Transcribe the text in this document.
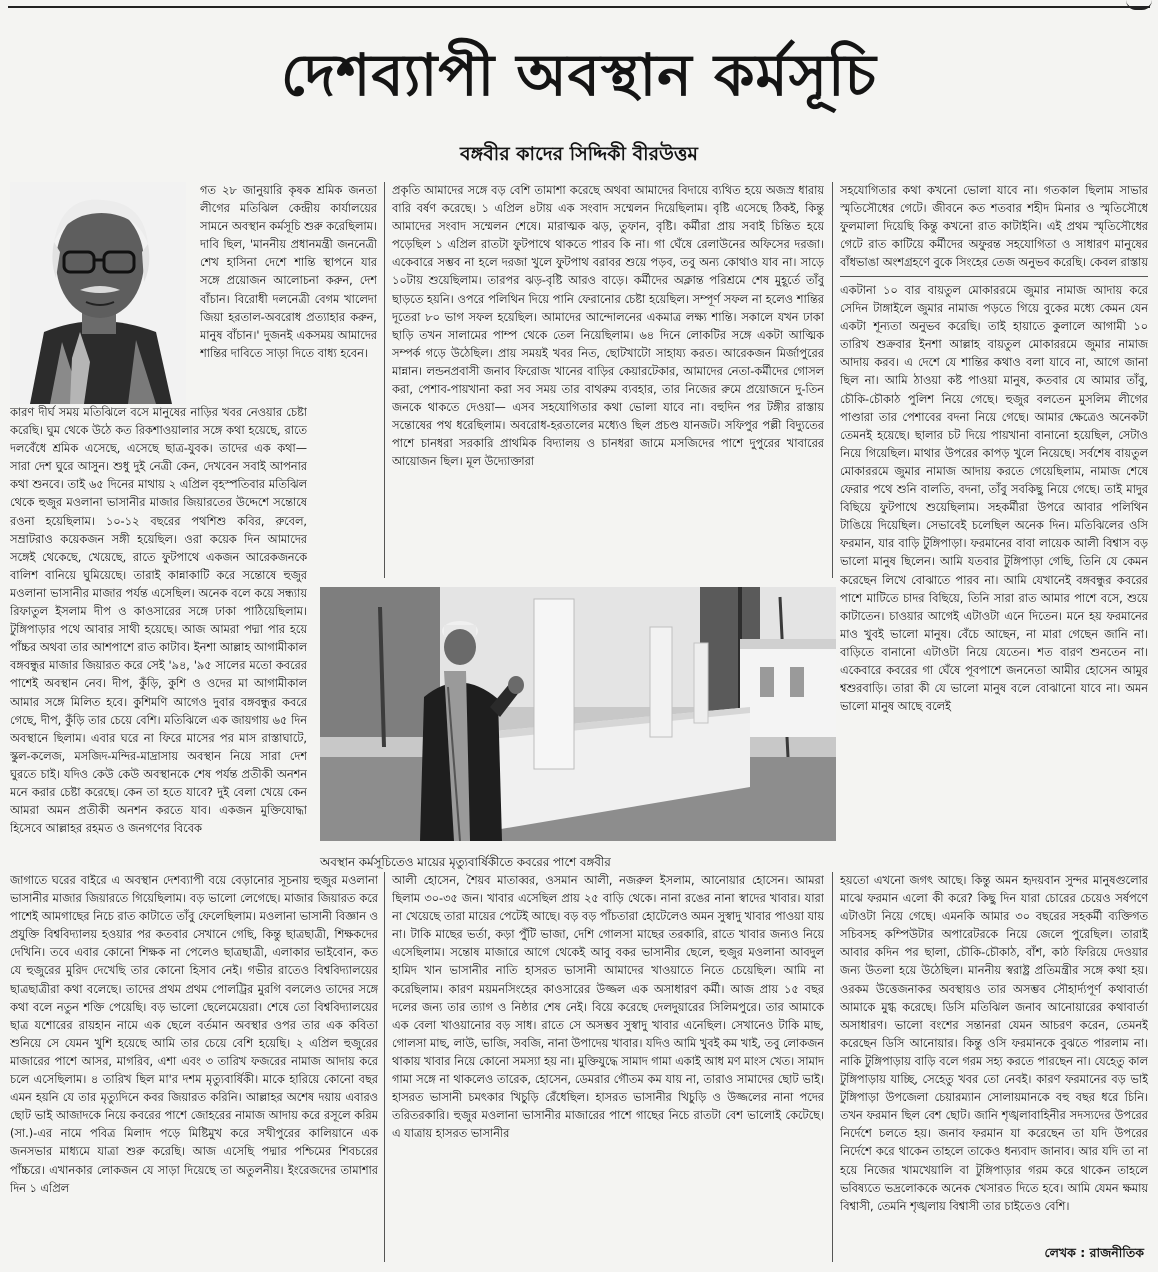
দেশব্যাপী অবস্থান কর্মসূচি
বঙ্গবীর কাদের সিদ্দিকী বীরউত্তম

গত ২৮ জানুয়ারি কৃষক শ্রমিক জনতা লীগের মতিঝিল কেন্দ্রীয় কার্যালয়ের সামনে অবস্থান কর্মসূচি শুরু করেছিলাম। দাবি ছিল, 'মাননীয় প্রধানমন্ত্রী জননেত্রী শেখ হাসিনা দেশে শান্তি স্থাপনে যার সঙ্গে প্রয়োজন আলোচনা করুন, দেশ বাঁচান। বিরোধী দলনেত্রী বেগম খালেদা জিয়া হরতাল-অবরোধ প্রত্যাহার করুন, মানুষ বাঁচান।' দুজনই একসময় আমাদের শান্তির দাবিতে সাড়া দিতে বাধ্য হবেন।

কারণ দীর্ঘ সময় মতিঝিলে বসে মানুষের নাড়ির খবর নেওয়ার চেষ্টা করেছি। ঘুম থেকে উঠে কত রিকশাওয়ালার সঙ্গে কথা হয়েছে, রাতে দলবেঁধে শ্রমিক এসেছে, এসেছে ছাত্র-যুবক। তাদের এক কথা— সারা দেশ ঘুরে আসুন। শুধু দুই নেত্রী কেন, দেখবেন সবাই আপনার কথা শুনবে। তাই ৬৫ দিনের মাথায় ২ এপ্রিল বৃহস্পতিবার মতিঝিল থেকে হুজুর মওলানা ভাসানীর মাজার জিয়ারতের উদ্দেশে সন্তোষে রওনা হয়েছিলাম। ১০-১২ বছরের পথশিশু কবির, রুবেল, সম্রাটরাও কয়েকজন সঙ্গী হয়েছিল। ওরা কয়েক দিন আমাদের সঙ্গেই থেকেছে, খেয়েছে, রাতে ফুটপাথে একজন আরেকজনকে বালিশ বানিয়ে ঘুমিয়েছে। তারাই কান্নাকাটি করে সন্তোষে হুজুর মওলানা ভাসানীর মাজার পর্যন্ত এসেছিল। অনেক বলে কয়ে সন্ধ্যায় রিফাতুল ইসলাম দীপ ও কাওসারের সঙ্গে ঢাকা পাঠিয়েছিলাম। টুঙ্গিপাড়ার পথে আবার সাথী হয়েছে। আজ আমরা পদ্মা পার হয়ে পাঁচ্চর অথবা তার আশপাশে রাত কাটাব। ইনশা আল্লাহ আগামীকাল বঙ্গবন্ধুর মাজার জিয়ারত করে সেই '৯৪, '৯৫ সালের মতো কবরের পাশেই অবস্থান নেব। দীপ, কুঁড়ি, কুশি ও ওদের মা আগামীকাল আমার সঙ্গে মিলিত হবে। কুশিমণি আগেও দুবার বঙ্গবন্ধুর কবরে গেছে, দীপ, কুঁড়ি তার চেয়ে বেশি। মতিঝিলে এক জায়গায় ৬৫ দিন অবস্থানে ছিলাম। এবার ঘরে না ফিরে মাসের পর মাস রাস্তাঘাটে, স্কুল-কলেজ, মসজিদ-মন্দির-মাদ্রাসায় অবস্থান নিয়ে সারা দেশ ঘুরতে চাই। যদিও কেউ কেউ অবস্থানকে শেষ পর্যন্ত প্রতীকী অনশন মনে করার চেষ্টা করেছে। কেন তা হতে যাবে? দুই বেলা খেয়ে কেন আমরা অমন প্রতীকী অনশন করতে যাব। একজন মুক্তিযোদ্ধা হিসেবে আল্লাহর রহমত ও জনগণের বিবেক

প্রকৃতি আমাদের সঙ্গে বড় বেশি তামাশা করেছে অথবা আমাদের বিদায়ে ব্যথিত হয়ে অজস্র ধারায় বারি বর্ষণ করেছে। ১ এপ্রিল ৪টায় এক সংবাদ সম্মেলন দিয়েছিলাম। বৃষ্টি এসেছে ঠিকই, কিন্তু আমাদের সংবাদ সম্মেলন শেষে। মারাত্মক ঝড়, তুফান, বৃষ্টি। কর্মীরা প্রায় সবাই চিন্তিত হয়ে পড়েছিল ১ এপ্রিল রাতটা ফুটপাথে থাকতে পারব কি না। গা ঘেঁষে রেলাউনের অফিসের দরজা। একেবারে সম্ভব না হলে দরজা খুলে ফুটপাথ বরাবর শুয়ে পড়ব, তবু অন্য কোথাও যাব না। সাড়ে ১০টায় শুয়েছিলাম। তারপর ঝড়-বৃষ্টি আরও বাড়ে। কর্মীদের অক্লান্ত পরিশ্রমে শেষ মুহূর্তে তাঁবু ছাড়তে হয়নি। ওপরে পলিথিন দিয়ে পানি ফেরানোর চেষ্টা হয়েছিল। সম্পূর্ণ সফল না হলেও শান্তির দূতেরা ৮০ ভাগ সফল হয়েছিল। আমাদের আন্দোলনের একমাত্র লক্ষ্য শান্তি। সকালে যখন ঢাকা ছাড়ি তখন সালামের পাম্প থেকে তেল নিয়েছিলাম। ৬৪ দিনে লোকটির সঙ্গে একটা আত্মিক সম্পর্ক গড়ে উঠেছিল। প্রায় সময়ই খবর নিত, ছোটখাটো সাহায্য করত। আরেকজন মির্জাপুরের মান্নান। লন্ডনপ্রবাসী জনাব ফিরোজ খানের বাড়ির কেয়ারটেকার, আমাদের নেতা-কর্মীদের গোসল করা, পেশাব-পায়খানা করা সব সময় তার বাথরুম ব্যবহার, তার নিজের রুমে প্রয়োজনে দু-তিন জনকে থাকতে দেওয়া— এসব সহযোগিতার কথা ভোলা যাবে না। বহুদিন পর টঙ্গীর রাস্তায় সন্তোষের পথ ধরেছিলাম। অবরোধ-হরতালের মধ্যেও ছিল প্রচণ্ড যানজট। সফিপুর পল্লী বিদ্যুতের পাশে চানধরা সরকারি প্রাথমিক বিদ্যালয় ও চানধরা জামে মসজিদের পাশে দুপুরের খাবারের আয়োজন ছিল। মূল উদ্যোক্তারা

সহযোগিতার কথা কখনো ভোলা যাবে না। গতকাল ছিলাম সাভার স্মৃতিসৌধের গেটে। জীবনে কত শতবার শহীদ মিনার ও স্মৃতিসৌধে ফুলমালা দিয়েছি কিন্তু কখনো রাত কাটাইনি। এই প্রথম স্মৃতিসৌধের গেটে রাত কাটিয়ে কর্মীদের অফুরন্ত সহযোগিতা ও সাধারণ মানুষের বাঁধভাঙা অংশগ্রহণে বুকে সিংহের তেজ অনুভব করেছি। কেবল রাস্তায়

একটানা ১০ বার বায়তুল মোকাররমে জুমার নামাজ আদায় করে সেদিন টাঙ্গাইলে জুমার নামাজ পড়তে গিয়ে বুকের মধ্যে কেমন যেন একটা শূন্যতা অনুভব করেছি। তাই হায়াতে কুলালে আগামী ১০ তারিখ শুক্রবার ইনশা আল্লাহ বায়তুল মোকাররমে জুমার নামাজ আদায় করব। এ দেশে যে শান্তির কথাও বলা যাবে না, আগে জানা ছিল না। আমি ঠাওয়া কষ্ট পাওয়া মানুষ, কতবার যে আমার তাঁবু, চৌকি-চৌকাঠ পুলিশ নিয়ে গেছে। হুজুর বলতেন মুসলিম লীগের পাণ্ডারা তার পেশাবের বদনা নিয়ে গেছে। আমার ক্ষেত্রেও অনেকটা তেমনই হয়েছে। ছালার চট দিয়ে পায়খানা বানানো হয়েছিল, সেটাও নিয়ে গিয়েছিল। মাথার উপরের কাপড় খুলে নিয়েছে। সর্বশেষ বায়তুল মোকাররমে জুমার নামাজ আদায় করতে গেয়েছিলাম, নামাজ শেষে ফেরার পথে শুনি বালতি, বদনা, তাঁবু সবকিছু নিয়ে গেছে। তাই মাদুর বিছিয়ে ফুটপাথে শুয়েছিলাম। সহকর্মীরা উপরে আবার পলিথিন টাঙিয়ে দিয়েছিল। সেভাবেই চলেছিল অনেক দিন। মতিঝিলের ওসি ফরমান, যার বাড়ি টুঙ্গিপাড়া। ফরমানের বাবা লায়েক আলী বিশ্বাস বড় ভালো মানুষ ছিলেন। আমি যতবার টুঙ্গিপাড়া গেছি, তিনি যে কেমন করেছেন লিখে বোঝাতে পারব না। আমি যেখানেই বঙ্গবন্ধুর কবরের পাশে মাটিতে চাদর বিছিয়ে, তিনি সারা রাত আমার পাশে বসে, শুয়ে কাটাতেন। চাওয়ার আগেই এটাওটা এনে দিতেন। মনে হয় ফরমানের মাও খুবই ভালো মানুষ। বেঁচে আছেন, না মারা গেছেন জানি না। বাড়িতে বানানো এটাওটা নিয়ে যেতেন। শত বারণ শুনতেন না। একেবারে কবরের গা ঘেঁষে পূবপাশে জননেতা আমীর হোসেন আমুর শ্বশুরবাড়ি। তারা কী যে ভালো মানুষ বলে বোঝানো যাবে না। অমন ভালো মানুষ আছে বলেই

অবস্থান কর্মসূচিতেও মায়ের মৃত্যুবার্ষিকীতে কবরের পাশে বঙ্গবীর

জাগাতে ঘরের বাইরে এ অবস্থান দেশব্যাপী বয়ে বেড়ানোর সূচনায় হুজুর মওলানা ভাসানীর মাজার জিয়ারতে গিয়েছিলাম। বড় ভালো লেগেছে। মাজার জিয়ারত করে পাশেই আমগাছের নিচে রাত কাটাতে তাঁবু ফেলেছিলাম। মওলানা ভাসানী বিজ্ঞান ও প্রযুক্তি বিশ্ববিদ্যালয় হওয়ার পর কতবার সেখানে গেছি, কিন্তু ছাত্রছাত্রী, শিক্ষকদের দেখিনি। তবে এবার কোনো শিক্ষক না পেলেও ছাত্রছাত্রী, এলাকার ভাইবোন, কত যে হুজুরের মুরিদ দেখেছি তার কোনো হিসাব নেই। গভীর রাতেও বিশ্ববিদ্যালয়ের ছাত্রছাত্রীরা কথা বলেছে। তাদের প্রথম প্রথম পোলট্রির মুরগি বললেও তাদের সঙ্গে কথা বলে নতুন শক্তি পেয়েছি। বড় ভালো ছেলেমেয়েরা। শেষে তো বিশ্ববিদ্যালয়ের ছাত্র যশোরের রায়হান নামে এক ছেলে বর্তমান অবস্থার ওপর তার এক কবিতা শুনিয়ে সে যেমন খুশি হয়েছে আমি তার চেয়ে বেশি হয়েছি। ২ এপ্রিল হুজুরের মাজারের পাশে আসর, মাগরিব, এশা এবং ৩ তারিখ ফজরের নামাজ আদায় করে চলে এসেছিলাম। ৪ তারিখ ছিল মা'র দশম মৃত্যুবার্ষিকী। মাকে হারিয়ে কোনো বছর এমন হয়নি যে তার মৃত্যুদিনে কবর জিয়ারত করিনি। আল্লাহর অশেষ দয়ায় এবারও ছোট ভাই আজাদকে নিয়ে কবরের পাশে জোহরের নামাজ আদায় করে রসূলে করিম (সা.)-এর নামে পবিত্র মিলাদ পড়ে মিষ্টিমুখ করে সখীপুরের কালিয়ানে এক জনসভার মাধ্যমে যাত্রা শুরু করেছি। আজ এসেছি পদ্মার পশ্চিমের শিবচরের পাঁচ্চরে। এখানকার লোকজন যে সাড়া দিয়েছে তা অতুলনীয়। ইংরেজদের তামাশার দিন ১ এপ্রিল

আলী হোসেন, শৈয়ব মাতাব্বর, ওসমান আলী, নজরুল ইসলাম, আনোয়ার হোসেন। আমরা ছিলাম ৩০-৩৫ জন। খাবার এসেছিল প্রায় ২৫ বাড়ি থেকে। নানা রঙের নানা স্বাদের খাবার। যারা না খেয়েছে তারা মায়ের পেটেই আছে। বড় বড় পাঁচতারা হোটেলেও অমন সুস্বাদু খাবার পাওয়া যায় না। টাকি মাছের ভর্তা, কড়া পুঁটি ভাজা, দেশি গোলসা মাছের তরকারি, রাতে খাবার জন্যও নিয়ে এসেছিলাম। সন্তোষ মাজারে আগে থেকেই আবু বকর ভাসানীর ছেলে, হুজুর মওলানা আবদুল হামিদ খান ভাসানীর নাতি হাসরত ভাসানী আমাদের খাওয়াতে নিতে চেয়েছিল। আমি না করেছিলাম। কারণ ময়মনসিংহের কাওসারের উজ্জল এক অসাধারণ কর্মী। আজ প্রায় ১৫ বছর দলের জন্য তার ত্যাগ ও নিষ্ঠার শেষ নেই। বিয়ে করেছে দেলদুয়ারের সিলিমপুরে। তার আমাকে এক বেলা খাওয়ানোর বড় সাধ। রাতে সে অসম্ভব সুস্বাদু খাবার এনেছিল। সেখানেও টাকি মাছ, গোলসা মাছ, লাউ, ভাজি, সবজি, নানা উপাদেয় খাবার। যদিও আমি খুবই কম খাই, তবু লোকজন থাকায় খাবার নিয়ে কোনো সমস্যা হয় না। মুক্তিযুদ্ধে সামাদ গামা একাই আধ মণ মাংস খেত। সামাদ গামা সঙ্গে না থাকলেও তারেক, হোসেন, ডেমরার গৌতম কম যায় না, তারাও সামাদের ছোট ভাই। হাসরত ভাসানী চমৎকার খিচুড়ি রেঁধেছিল। হাসরত ভাসানীর খিচুড়ি ও উজ্জলের নানা পদের তরিতরকারি। হুজুর মওলানা ভাসানীর মাজারের পাশে গাছের নিচে রাতটা বেশ ভালোই কেটেছে। এ যাত্রায় হাসরত ভাসানীর

হয়তো এখনো জগৎ আছে। কিন্তু অমন হৃদয়বান সুন্দর মানুষগুলোর মাঝে ফরমান এলো কী করে? কিছু দিন যারা চোরের চেয়েও সর্ষপণে এটাওটা নিয়ে গেছে। এমনকি আমার ৩০ বছরের সহকর্মী ব্যক্তিগত সচিবসহ কম্পিউটার অপারেটরকে নিয়ে জেলে পুরেছিল। তারাই আবার কদিন পর ছালা, চৌকি-চৌকাঠ, বাঁশ, কাঠ ফিরিয়ে দেওয়ার জন্য উতলা হয়ে উঠেছিল। মাননীয় স্বরাষ্ট্র প্রতিমন্ত্রীর সঙ্গে কথা হয়। ওরকম উত্তেজনাকর অবস্থায়ও তার অসম্ভব সৌহার্দ্যপূর্ণ কথাবার্তা আমাকে মুগ্ধ করেছে। ডিসি মতিঝিল জনাব আনোয়ারের কথাবার্তা অসাধারণ। ভালো বংশের সন্তানরা যেমন আচরণ করেন, তেমনই করেছেন ডিসি আনোয়ার। কিন্তু ওসি ফরমানকে বুঝতে পারলাম না। নাকি টুঙ্গিপাড়ায় বাড়ি বলে গরম সহ্য করতে পারছেন না। যেহেতু কাল টুঙ্গিপাড়ায় যাচ্ছি, সেহেতু খবর তো নেবই। কারণ ফরমানের বড় ভাই টুঙ্গিপাড়া উপজেলা চেয়ারম্যান সোলায়মানকে বহু বছর ধরে চিনি। তখন ফরমান ছিল বেশ ছোট। জানি শৃঙ্খলাবাহিনীর সদস্যদের উপরের নির্দেশে চলতে হয়। জনাব ফরমান যা করেছেন তা যদি উপরের নির্দেশে করে থাকেন তাহলে তাকেও ধন্যবাদ জানাব। আর যদি তা না হয়ে নিজের খামখেয়ালি বা টুঙ্গিপাড়ার গরম করে থাকেন তাহলে ভবিষ্যতে ভদ্রলোককে অনেক খেসারত দিতে হবে। আমি যেমন ক্ষমায় বিশ্বাসী, তেমনি শৃঙ্খলায় বিশ্বাসী তার চাইতেও বেশি।

লেখক : রাজনীতিক
